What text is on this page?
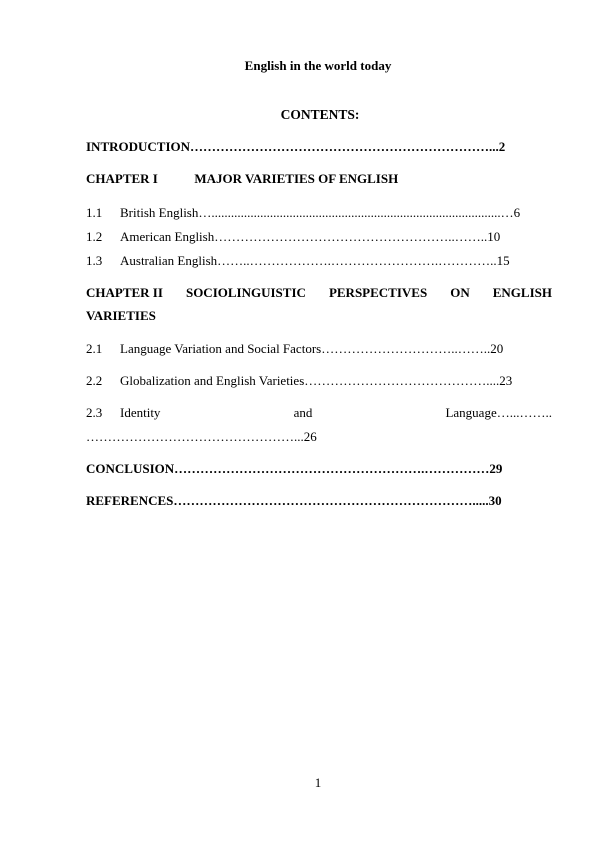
English in the world today
CONTENTS:
INTRODUCTION……………………………………………………………...2
CHAPTER I	MAJOR VARIETIES OF ENGLISH
1.1 British English….........................................................................................…6
1.2 American English………………………………………………..……..10
1.3 Australian English……..……………….…………………….…………..15
CHAPTER II SOCIOLINGUISTIC PERSPECTIVES ON ENGLISH
VARIETIES
2.1 Language Variation and Social Factors…………………………..……..20
2.2 Globalization and English Varieties……………………………………....23
2.3 Identity	and	Language…...……..
…………………………………………...26
CONCLUSION………………………………………………….……………29
REFERENCES…………………………………………………………….....30
1
